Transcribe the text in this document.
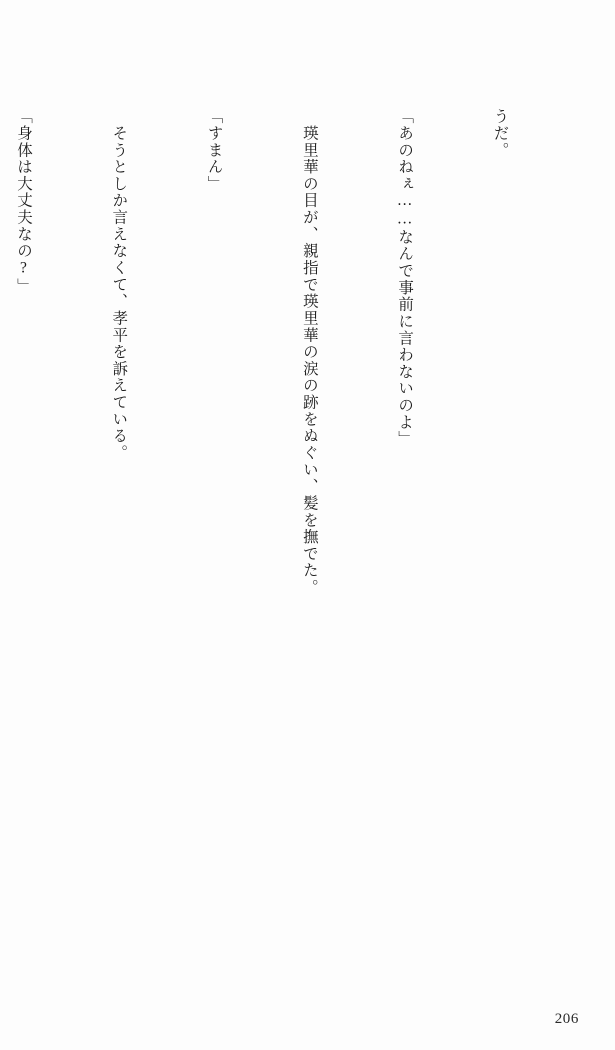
うだ。

「あのねぇ……なんで事前に言わないのよ」

　瑛里華の目が、親指で瑛里華の涙の跡をぬぐい、髪を撫でた。

「すまん」

　そうとしか言えなくて、孝平を訴えている。

「身体は大丈夫なの?」

206
